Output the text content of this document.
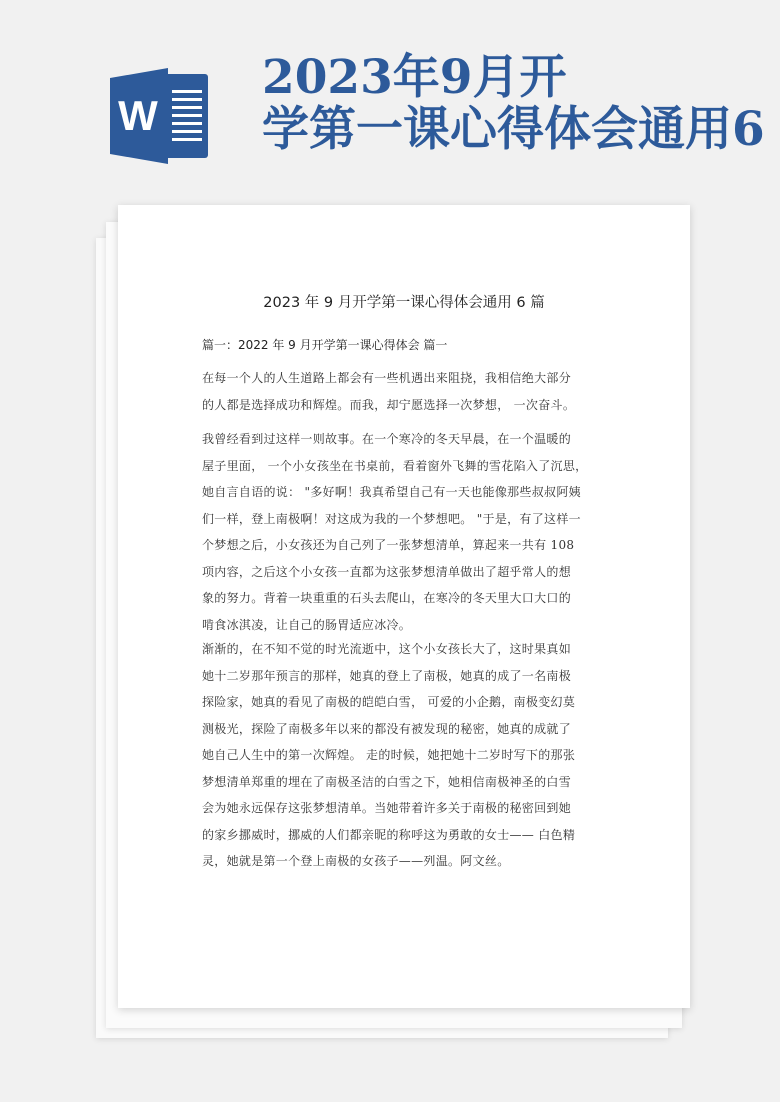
W
2023年9月开
学第一课心得体会通用6
2023 年 9 月开学第一课心得体会通用 6 篇
篇一：2022 年 9 月开学第一课心得体会 篇一
在每一个人的人生道路上都会有一些机遇出来阻挠，我相信绝大部分
的人都是选择成功和辉煌。而我，却宁愿选择一次梦想， 一次奋斗。
我曾经看到过这样一则故事。在一个寒冷的冬天早晨，在一个温暖的
屋子里面， 一个小女孩坐在书桌前，看着窗外飞舞的雪花陷入了沉思，
她自言自语的说： "多好啊！我真希望自己有一天也能像那些叔叔阿姨
们一样，登上南极啊！对这成为我的一个梦想吧。 "于是，有了这样一
个梦想之后，小女孩还为自己列了一张梦想清单，算起来一共有 108
项内容，之后这个小女孩一直都为这张梦想清单做出了超乎常人的想
象的努力。背着一块重重的石头去爬山，在寒冷的冬天里大口大口的
啃食冰淇凌，让自己的肠胃适应冰冷。
渐渐的，在不知不觉的时光流逝中，这个小女孩长大了，这时果真如
她十二岁那年预言的那样，她真的登上了南极，她真的成了一名南极
探险家，她真的看见了南极的皑皑白雪， 可爱的小企鹅，南极变幻莫
测极光，探险了南极多年以来的都没有被发现的秘密，她真的成就了
她自己人生中的第一次辉煌。 走的时候，她把她十二岁时写下的那张
梦想清单郑重的埋在了南极圣洁的白雪之下，她相信南极神圣的白雪
会为她永远保存这张梦想清单。当她带着许多关于南极的秘密回到她
的家乡挪威时，挪威的人们都亲昵的称呼这为勇敢的女士—— 白色精
灵，她就是第一个登上南极的女孩子——列温。阿文丝。
